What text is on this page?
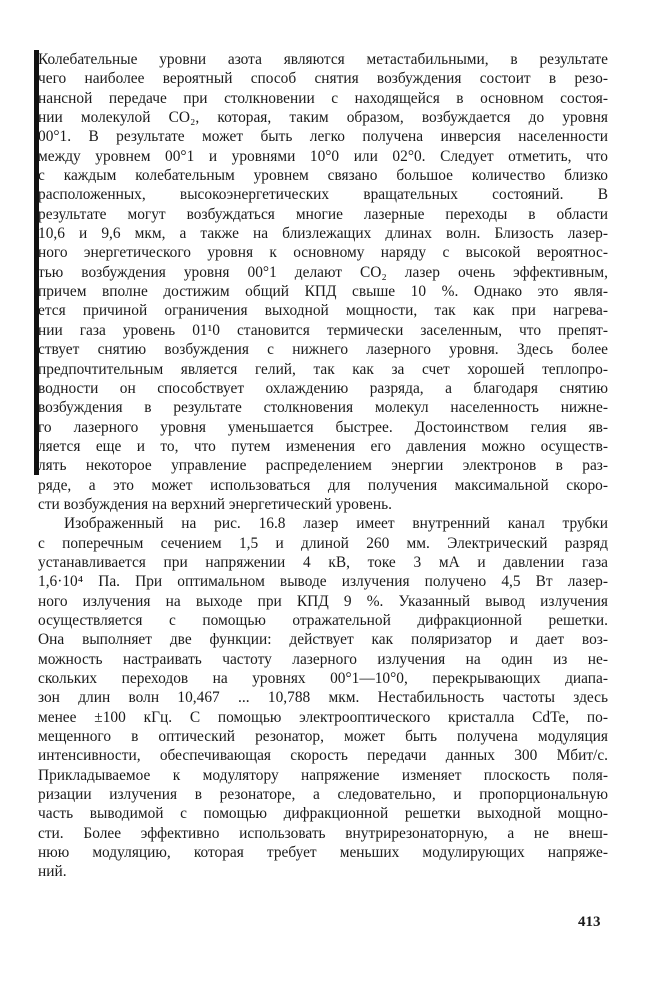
Колебательные уровни азота являются метастабильными, в результате
чего наиболее вероятный способ снятия возбуждения состоит в резо-
нансной передаче при столкновении с находящейся в основном состоя-
нии молекулой CO₂, которая, таким образом, возбуждается до уровня
00°1. В результате может быть легко получена инверсия населенности
между уровнем 00°1 и уровнями 10°0 или 02°0. Следует отметить, что
с каждым колебательным уровнем связано большое количество близко
расположенных, высокоэнергетических вращательных состояний. В
результате могут возбуждаться многие лазерные переходы в области
10,6 и 9,6 мкм, а также на близлежащих длинах волн. Близость лазер-
ного энергетического уровня к основному наряду с высокой вероятнос-
тью возбуждения уровня 00°1 делают CO₂ лазер очень эффективным,
причем вполне достижим общий КПД свыше 10 %. Однако это явля-
ется причиной ограничения выходной мощности, так как при нагрева-
нии газа уровень 01¹0 становится термически заселенным, что препят-
ствует снятию возбуждения с нижнего лазерного уровня. Здесь более
предпочтительным является гелий, так как за счет хорошей теплопро-
водности он способствует охлаждению разряда, а благодаря снятию
возбуждения в результате столкновения молекул населенность нижне-
го лазерного уровня уменьшается быстрее. Достоинством гелия яв-
ляется еще и то, что путем изменения его давления можно осуществ-
лять некоторое управление распределением энергии электронов в раз-
ряде, а это может использоваться для получения максимальной скоро-
сти возбуждения на верхний энергетический уровень.
Изображенный на рис. 16.8 лазер имеет внутренний канал трубки
с поперечным сечением 1,5 и длиной 260 мм. Электрический разряд
устанавливается при напряжении 4 кВ, токе 3 мА и давлении газа
1,6·10⁴ Па. При оптимальном выводе излучения получено 4,5 Вт лазер-
ного излучения на выходе при КПД 9 %. Указанный вывод излучения
осуществляется с помощью отражательной дифракционной решетки.
Она выполняет две функции: действует как поляризатор и дает воз-
можность настраивать частоту лазерного излучения на один из не-
скольких переходов на уровнях 00°1—10°0, перекрывающих диапа-
зон длин волн 10,467 ... 10,788 мкм. Нестабильность частоты здесь
менее ±100 кГц. С помощью электрооптического кристалла CdTe, по-
мещенного в оптический резонатор, может быть получена модуляция
интенсивности, обеспечивающая скорость передачи данных 300 Мбит/с.
Прикладываемое к модулятору напряжение изменяет плоскость поля-
ризации излучения в резонаторе, а следовательно, и пропорциональную
часть выводимой с помощью дифракционной решетки выходной мощно-
сти. Более эффективно использовать внутрирезонаторную, а не внеш-
нюю модуляцию, которая требует меньших модулирующих напряже-
ний.
413
